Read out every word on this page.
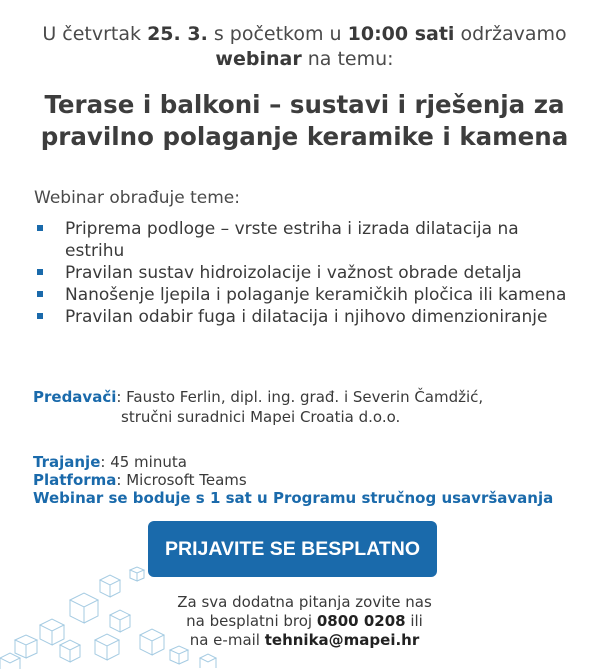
U četvrtak 25. 3. s početkom u 10:00 sati održavamo
webinar na temu:
Terase i balkoni – sustavi i rješenja za
pravilno polaganje keramike i kamena
Webinar obrađuje teme:
Priprema podloge – vrste estriha i izrada dilatacija na estrihu
Pravilan sustav hidroizolacije i važnost obrade detalja
Nanošenje ljepila i polaganje keramičkih pločica ili kamena
Pravilan odabir fuga i dilatacija i njihovo dimenzioniranje
Predavači: Fausto Ferlin, dipl. ing. građ. i Severin Čamdžić,
stručni suradnici Mapei Croatia d.o.o.
Trajanje: 45 minuta
Platforma: Microsoft Teams
Webinar se boduje s 1 sat u Programu stručnog usavršavanja
PRIJAVITE SE BESPLATNO
Za sva dodatna pitanja zovite nas
na besplatni broj 0800 0208 ili
na e-mail tehnika@mapei.hr
